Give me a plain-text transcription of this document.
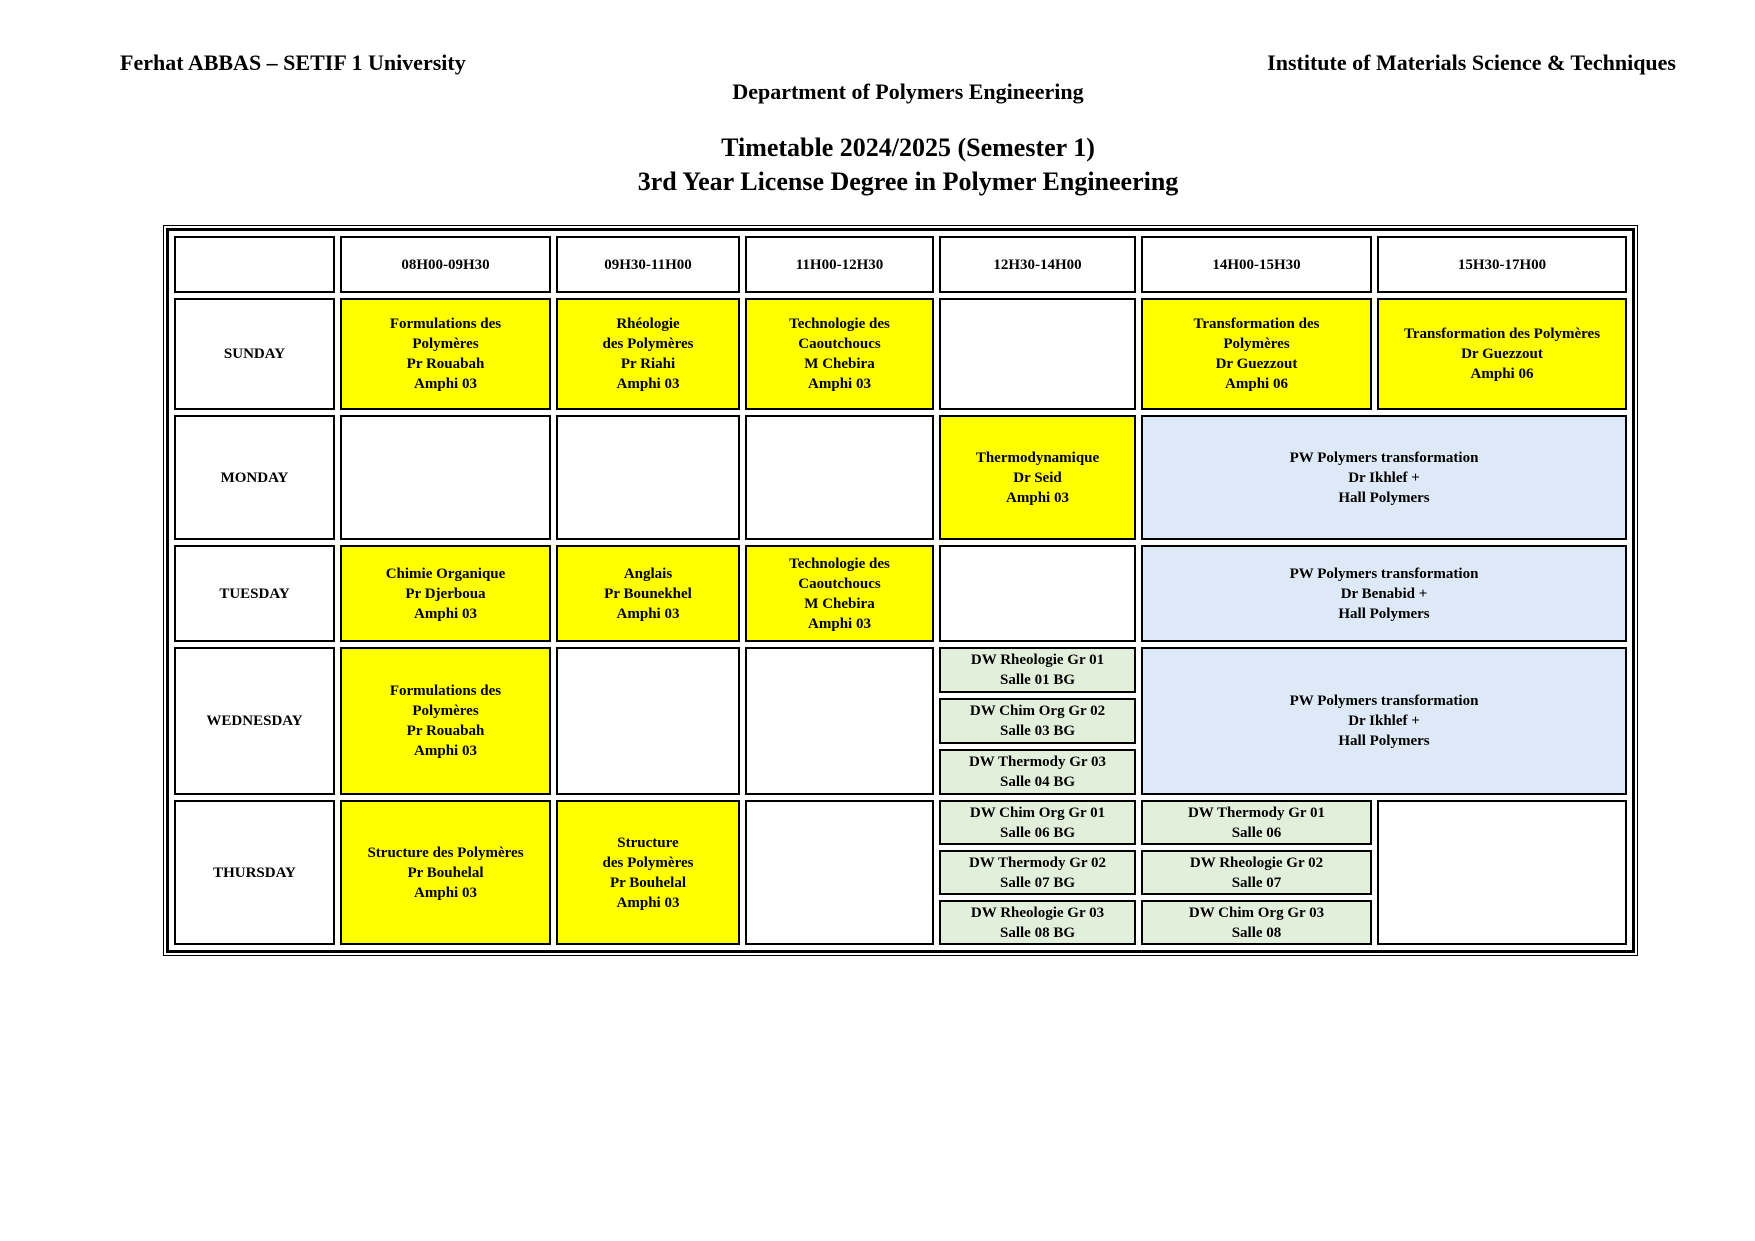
Ferhat ABBAS – SETIF 1 University	Institute of Materials Science & Techniques
Department of Polymers Engineering
Timetable 2024/2025 (Semester 1)
3rd Year License Degree in Polymer Engineering
	08H00-09H30	09H30-11H00	11H00-12H30	12H30-14H00	14H00-15H30	15H30-17H00
SUNDAY	Formulations des
Polymères
Pr Rouabah
Amphi 03	Rhéologie
des Polymères
Pr Riahi
Amphi 03	Technologie des
Caoutchoucs
M Chebira
Amphi 03		Transformation des
Polymères
Dr Guezzout
Amphi 06	Transformation des Polymères
Dr Guezzout
Amphi 06

MONDAY				Thermodynamique
Dr Seid
Amphi 03	PW Polymers transformation
Dr Ikhlef +
Hall Polymers	

TUESDAY	Chimie Organique
Pr Djerboua
Amphi 03	Anglais
Pr Bounekhel
Amphi 03	Technologie des
Caoutchoucs
M Chebira
Amphi 03		PW Polymers transformation
Dr Benabid +
Hall Polymers	

WEDNESDAY	Formulations des
Polymères
Pr Rouabah
Amphi 03			DW Rheologie Gr 01
Salle 01 BG	PW Polymers transformation
Dr Ikhlef +
Hall Polymers	

				DW Chim Org Gr 02
Salle 03 BG		

				DW Thermody Gr 03
Salle 04 BG		

THURSDAY	Structure des Polymères
Pr Bouhelal
Amphi 03	Structure
des Polymères
Pr Bouhelal
Amphi 03		DW Chim Org Gr 01
Salle 06 BG	DW Thermody Gr 01
Salle 06	

				DW Thermody Gr 02
Salle 07 BG	DW Rheologie Gr 02
Salle 07	

				DW Rheologie Gr 03
Salle 08 BG	DW Chim Org Gr 03
Salle 08	
